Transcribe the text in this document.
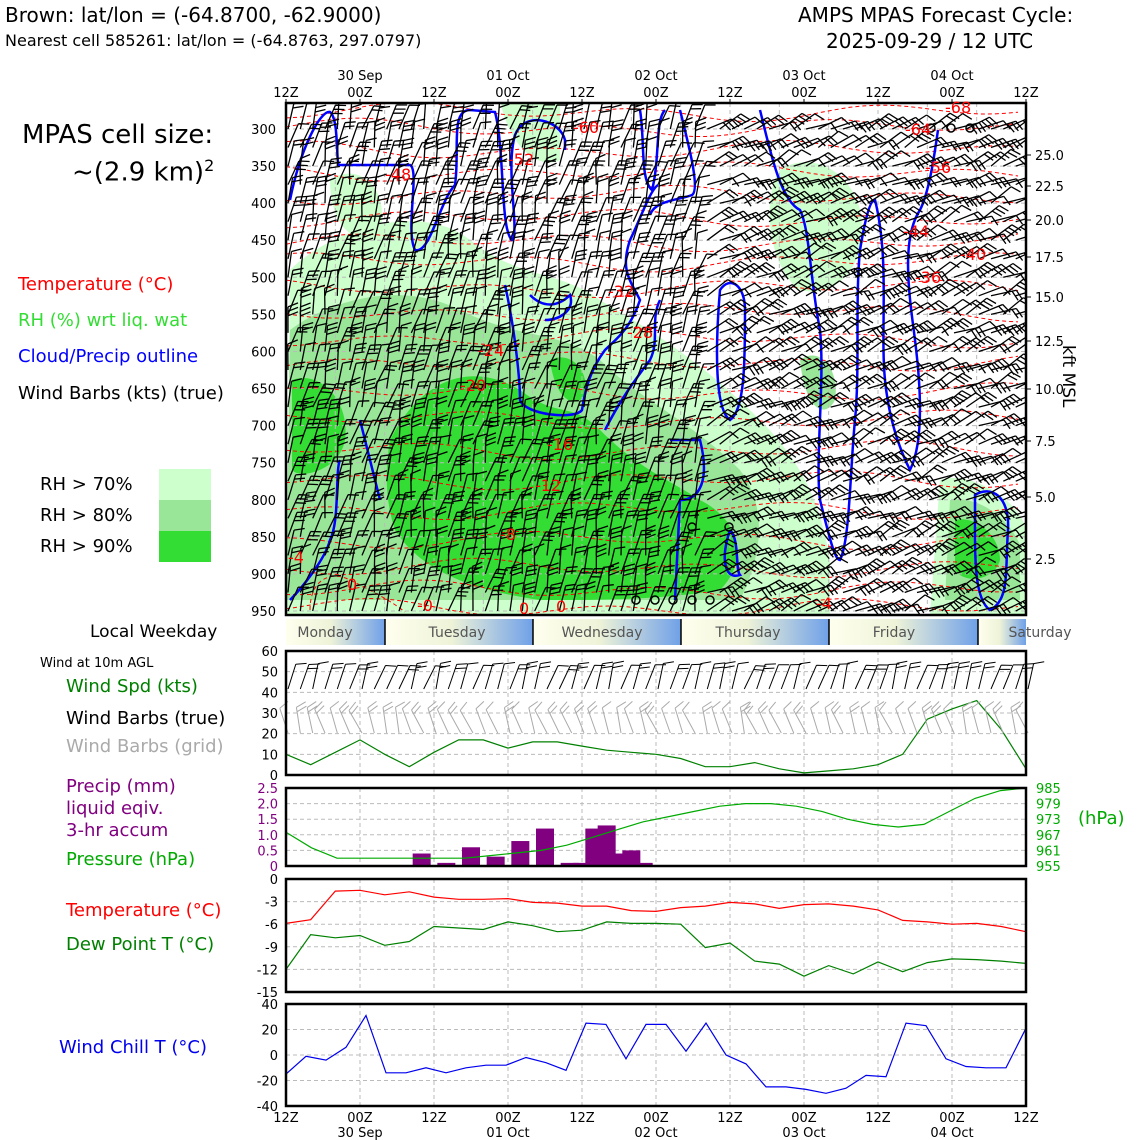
Brown: lat/lon = (-64.8700, -62.9000)
Nearest cell 585261: lat/lon = (-64.8763, 297.0797)
AMPS MPAS Forecast Cycle:
2025-09-29 / 12 UTC
MPAS cell size:
~(2.9 km)$^2$
Temperature (°C)
RH (%) wrt liq. wat
Cloud/Precip outline
Wind Barbs (kts) (true)
RH > 70%
RH > 80%
RH > 90%
kft MSL
Local Weekday
Wind at 10m AGL
Wind Spd (kts)
Wind Barbs (true)
Wind Barbs (grid)
Precip (mm)
liquid eqiv.
3-hr accum
Pressure (hPa)
(hPa)
Temperature (°C)
Dew Point T (°C)
Wind Chill T (°C)
-68
-64
-60
-56
-52
-48
-44
-40
-36
-32
-28
-24
-20
-16
-12
-8
-4
0
-0	0 0	-4
300
350
400
450
500
550
600
650
700
750
800
850
900
950
25.0
22.5
20.0
17.5
15.0
12.5
10.0
7.5
5.0
2.5
12Z	00Z	12Z	00Z	12Z	00Z	12Z	00Z	12Z	00Z	12Z
30 Sep	01 Oct	02 Oct	03 Oct	04 Oct
Monday	Tuesday	Wednesday	Thursday	Friday	Saturday
0
10
20
30
40
50
60
0
0.5
1.0
1.5
2.0
2.5
955
961
967
973
979
985
-15
-12
-9
-6
-3
0
-40
-20
0
20
40
12Z	00Z	12Z	00Z	12Z	00Z	12Z	00Z	12Z	00Z	12Z
30 Sep	01 Oct	02 Oct	03 Oct	04 Oct
